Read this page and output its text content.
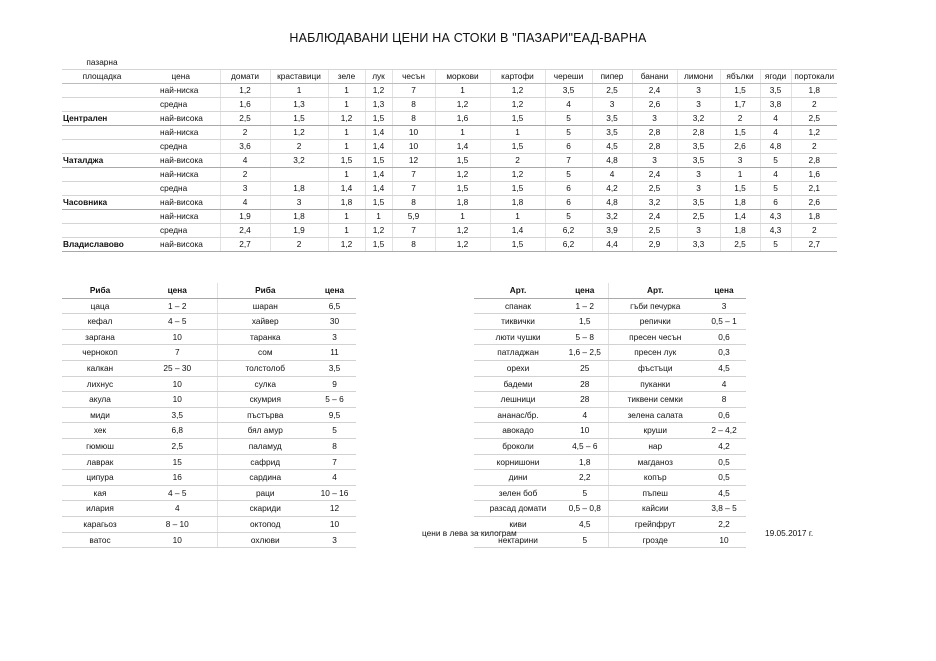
НАБЛЮДАВАНИ ЦЕНИ НА СТОКИ В "ПАЗАРИ"ЕАД-ВАРНА
пазарна															
площадка	цена	домати	краставици	зеле	лук	чесън	моркови	картофи	череши	пипер	банани	лимони	ябълки	ягоди	портокали
	най-ниска	1,2	1	1	1,2	7	1	1,2	3,5	2,5	2,4	3	1,5	3,5	1,8
	средна	1,6	1,3	1	1,3	8	1,2	1,2	4	3	2,6	3	1,7	3,8	2
Централен	най-висока	2,5	1,5	1,2	1,5	8	1,6	1,5	5	3,5	3	3,2	2	4	2,5
	най-ниска	2	1,2	1	1,4	10	1	1	5	3,5	2,8	2,8	1,5	4	1,2
	средна	3,6	2	1	1,4	10	1,4	1,5	6	4,5	2,8	3,5	2,6	4,8	2
Чаталджа	най-висока	4	3,2	1,5	1,5	12	1,5	2	7	4,8	3	3,5	3	5	2,8
	най-ниска	2		1	1,4	7	1,2	1,2	5	4	2,4	3	1	4	1,6
	средна	3	1,8	1,4	1,4	7	1,5	1,5	6	4,2	2,5	3	1,5	5	2,1
Часовника	най-висока	4	3	1,8	1,5	8	1,8	1,8	6	4,8	3,2	3,5	1,8	6	2,6
	най-ниска	1,9	1,8	1	1	5,9	1	1	5	3,2	2,4	2,5	1,4	4,3	1,8
	средна	2,4	1,9	1	1,2	7	1,2	1,4	6,2	3,9	2,5	3	1,8	4,3	2
Владиславово	най-висока	2,7	2	1,2	1,5	8	1,2	1,5	6,2	4,4	2,9	3,3	2,5	5	2,7
Риба	цена	Риба	цена
цаца	1 – 2	шаран	6,5
кефал	4 – 5	хайвер	30
заргана	10	таранка	3
чернокоп	7	сом	11
калкан	25 – 30	толстолоб	3,5
лихнус	10	сулка	9
акула	10	скумрия	5 – 6
миди	3,5	пъстърва	9,5
хек	6,8	бял амур	5
гюмюш	2,5	паламуд	8
лаврак	15	сафрид	7
ципура	16	сардина	4
кая	4 – 5	раци	10 – 16
илария	4	скариди	12
карагьоз	8 – 10	октопод	10
ватос	10	охлюви	3
Арт.	цена	Арт.	цена
спанак	1 – 2	гъби печурка	3
тиквички	1,5	репички	0,5 – 1
люти чушки	5 – 8	пресен чесън	0,6
патладжан	1,6 – 2,5	пресен лук	0,3
орехи	25	фъстъци	4,5
бадеми	28	пуканки	4
лешници	28	тиквени семки	8
ананас/бр.	4	зелена салата	0,6
авокадо	10	круши	2 – 4,2
броколи	4,5 – 6	нар	4,2
корнишони	1,8	магданоз	0,5
дини	2,2	копър	0,5
зелен боб	5	пъпеш	4,5
разсад домати	0,5 – 0,8	кайсии	3,8 – 5
киви	4,5	грейпфрут	2,2
нектарини	5	грозде	10
цени в лева за килограм	19.05.2017 г.
